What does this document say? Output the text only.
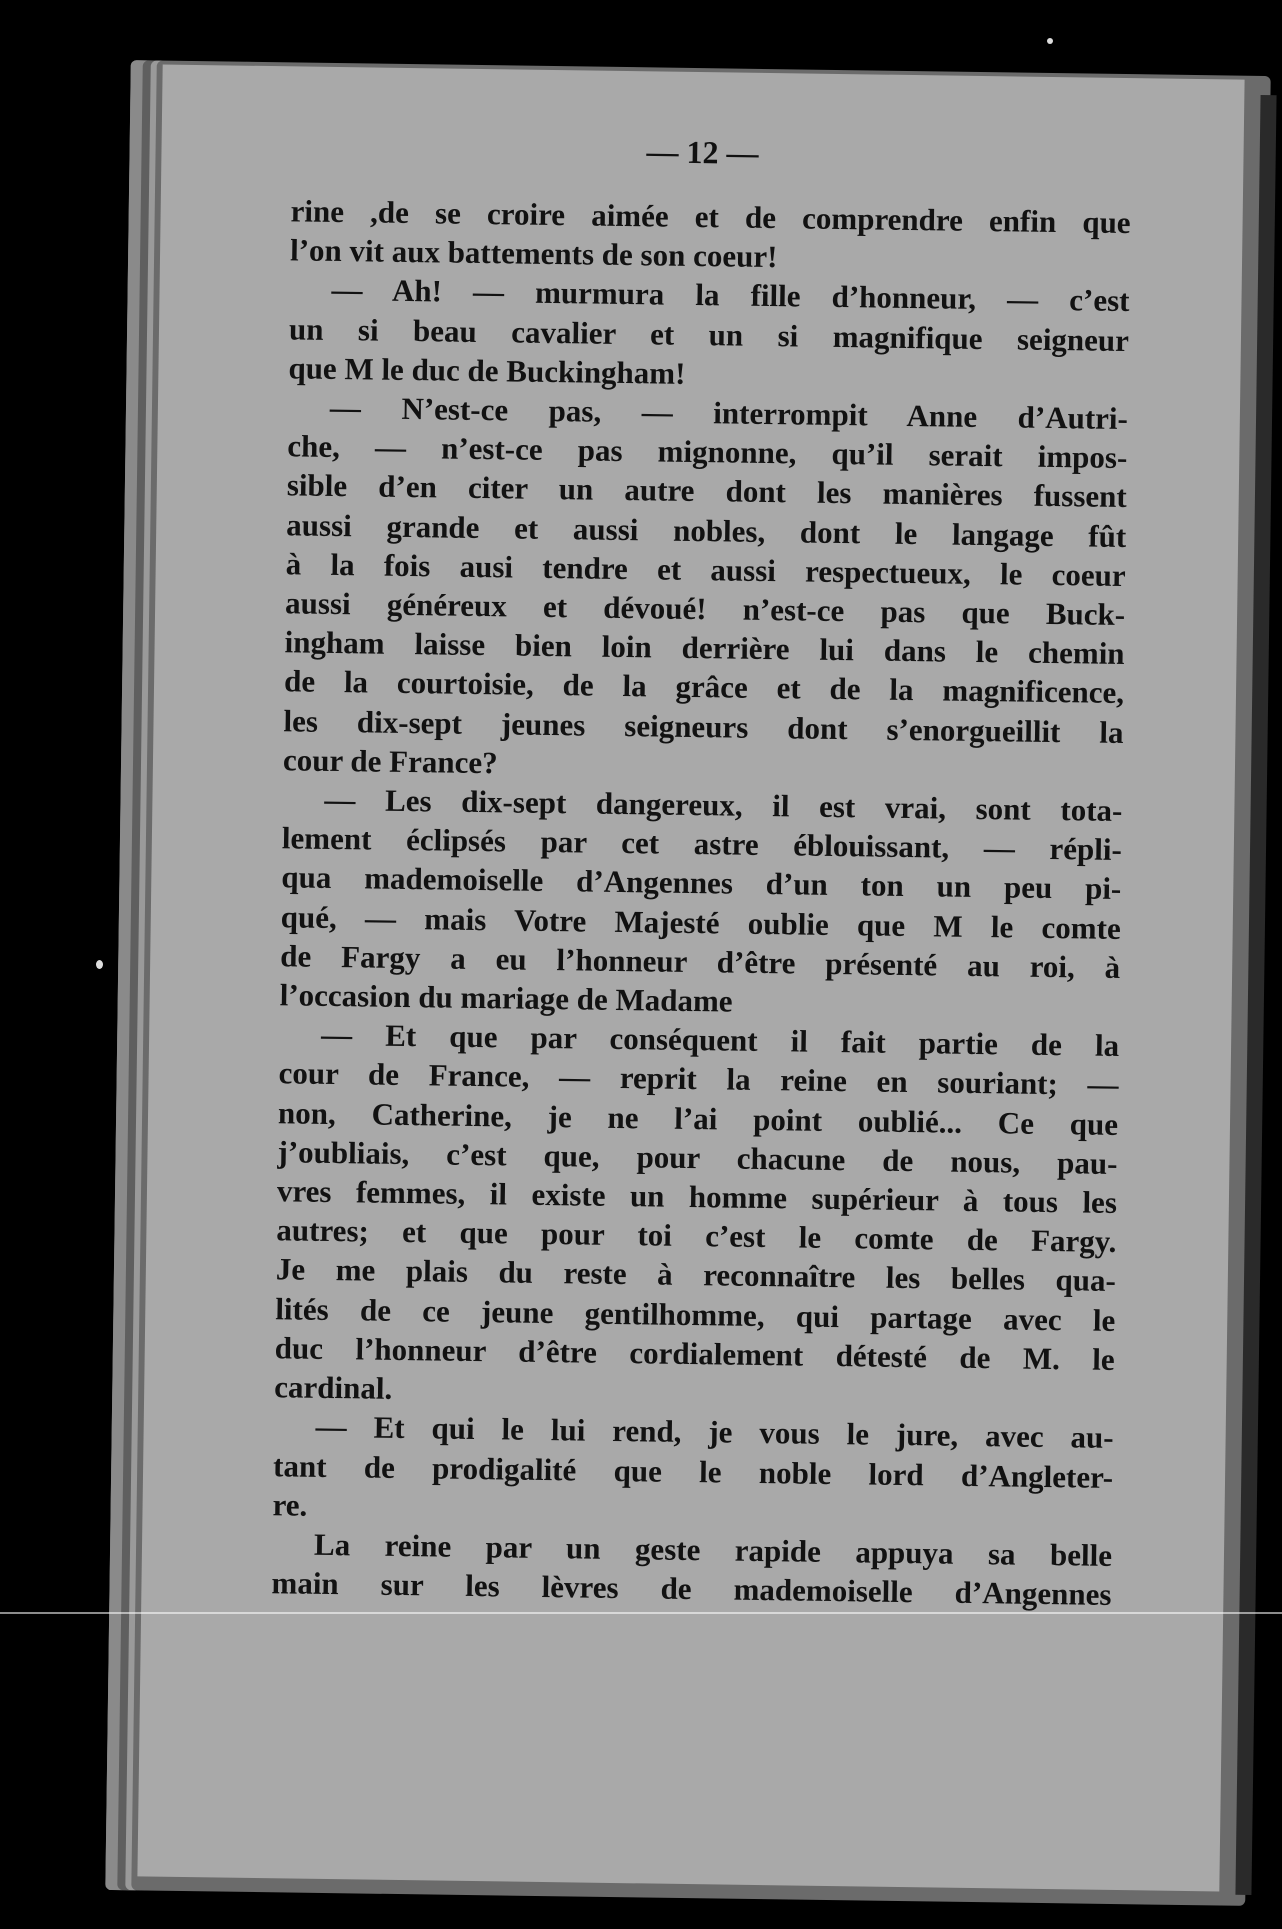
— 12 —
rine ,de se croire aimée et de comprendre enfin que
l’on vit aux battements de son coeur!
— Ah! — murmura la fille d’honneur, — c’est
un si beau cavalier et un si magnifique seigneur
que M le duc de Buckingham!
— N’est-ce pas, — interrompit Anne d’Autri-
che, — n’est-ce pas mignonne, qu’il serait impos-
sible d’en citer un autre dont les manières fussent
aussi grande et aussi nobles, dont le langage fût
à la fois ausi tendre et aussi respectueux, le coeur
aussi généreux et dévoué! n’est-ce pas que Buck-
ingham laisse bien loin derrière lui dans le chemin
de la courtoisie, de la grâce et de la magnificence,
les dix-sept jeunes seigneurs dont s’enorgueillit la
cour de France?
— Les dix-sept dangereux, il est vrai, sont tota-
lement éclipsés par cet astre éblouissant, — répli-
qua mademoiselle d’Angennes d’un ton un peu pi-
qué, — mais Votre Majesté oublie que M le comte
de Fargy a eu l’honneur d’être présenté au roi, à
l’occasion du mariage de Madame
— Et que par conséquent il fait partie de la
cour de France, — reprit la reine en souriant; —
non, Catherine, je ne l’ai point oublié... Ce que
j’oubliais, c’est que, pour chacune de nous, pau-
vres femmes, il existe un homme supérieur à tous les
autres; et que pour toi c’est le comte de Fargy.
Je me plais du reste à reconnaître les belles qua-
lités de ce jeune gentilhomme, qui partage avec le
duc l’honneur d’être cordialement détesté de M. le
cardinal.
— Et qui le lui rend, je vous le jure, avec au-
tant de prodigalité que le noble lord d’Angleter-
re.
La reine par un geste rapide appuya sa belle
main sur les lèvres de mademoiselle d’Angennes
